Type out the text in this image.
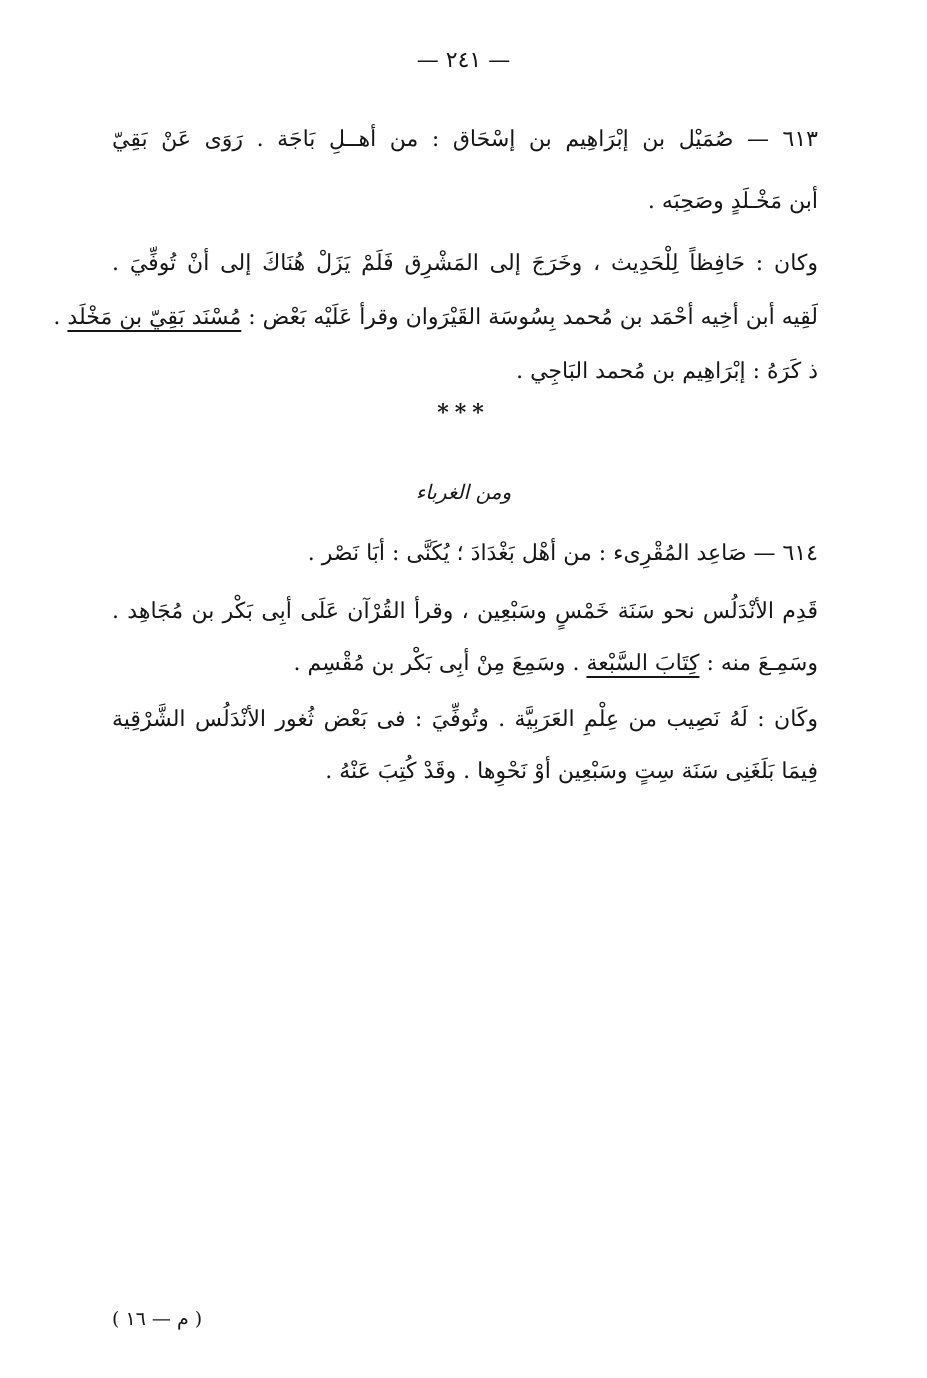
— ٢٤١ —
٦١٣ — صُمَيْل بن إبْرَاهِيم بن إسْحَاق : من أهــلِ بَاجَة . رَوَى عَنْ بَقِيّ
أبن مَخْـلَدٍ وصَحِبَه .
وكان : حَافِظاً لِلْحَدِيث ، وخَرَجَ إلى المَشْرِق فَلَمْ يَزَلْ هُنَاكَ إلى أنْ تُوفِّيَ .
لَقِيه أبن أخِيه أحْمَد بن مُحمد بِسُوسَة القَيْرَوان وقرأ عَلَيْه بَعْض : مُسْنَد بَقِيّ بن مَخْلَد .
ذ كَرَهُ : إبْرَاهِيم بن مُحمد البَاجِي .
***
ومن الغرباء
٦١٤ — صَاعِد المُقْرِىء : من أهْل بَغْدَادَ ؛ يُكَنَّى : أبَا نَصْر .
قَدِم الأنْدَلُس نحو سَنَة خَمْسٍ وسَبْعِين ، وقرأ القُرْآن عَلَى أبِى بَكْر بن مُجَاهِد .
وسَمِـعَ منه : كِتَابَ السَّبْعة . وسَمِعَ مِنْ أبِى بَكْر بن مُقْسِم .
وكَان : لَهُ نَصِيب من عِلْمِ العَرَبِيَّة . وتُوفِّيَ : فى بَعْض ثُغور الأنْدَلُس الشَّرْقِية
فِيمَا بَلَغَنِى سَنَة سِتٍ وسَبْعِين أوْ نَحْوِها . وقَدْ كُتِبَ عَنْهُ .
( م — ١٦ )
